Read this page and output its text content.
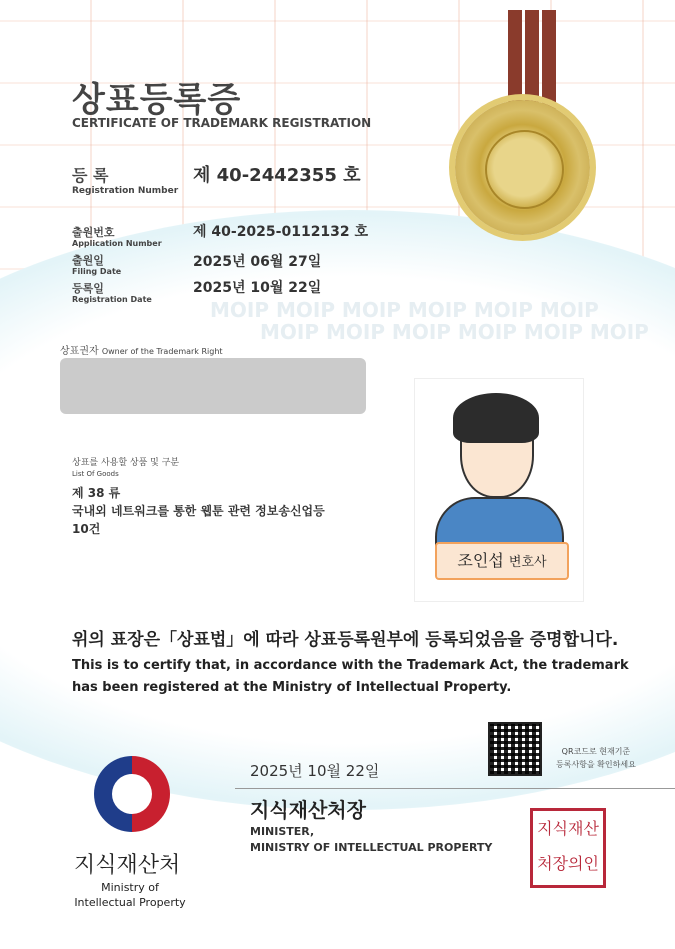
MOIP MOIP MOIP MOIP MOIP MOIP
MOIP MOIP MOIP MOIP MOIP MOIP
상표등록증
CERTIFICATE OF TRADEMARK REGISTRATION
등 록
Registration Number
제 40-2442355 호
출원번호
Application Number
제 40-2025-0112132 호
출원일
Filing Date
2025년 06월 27일
등록일
Registration Date
2025년 10월 22일
상표권자 Owner of the Trademark Right
상표를 사용할 상품 및 구분
List Of Goods
제 38 류
국내외 네트워크를 통한 웹툰 관련 정보송신업등
10건
조인섭 변호사
위의 표장은「상표법」에 따라 상표등록원부에 등록되었음을 증명합니다.
This is to certify that, in accordance with the Trademark Act, the trademark
has been registered at the Ministry of Intellectual Property.
QR코드로 현재기준
등록사항을 확인하세요
2025년 10월 22일
지식재산처장
MINISTER,
MINISTRY OF INTELLECTUAL PROPERTY
지식재산
처장의인
지식재산처
Ministry of
Intellectual Property
